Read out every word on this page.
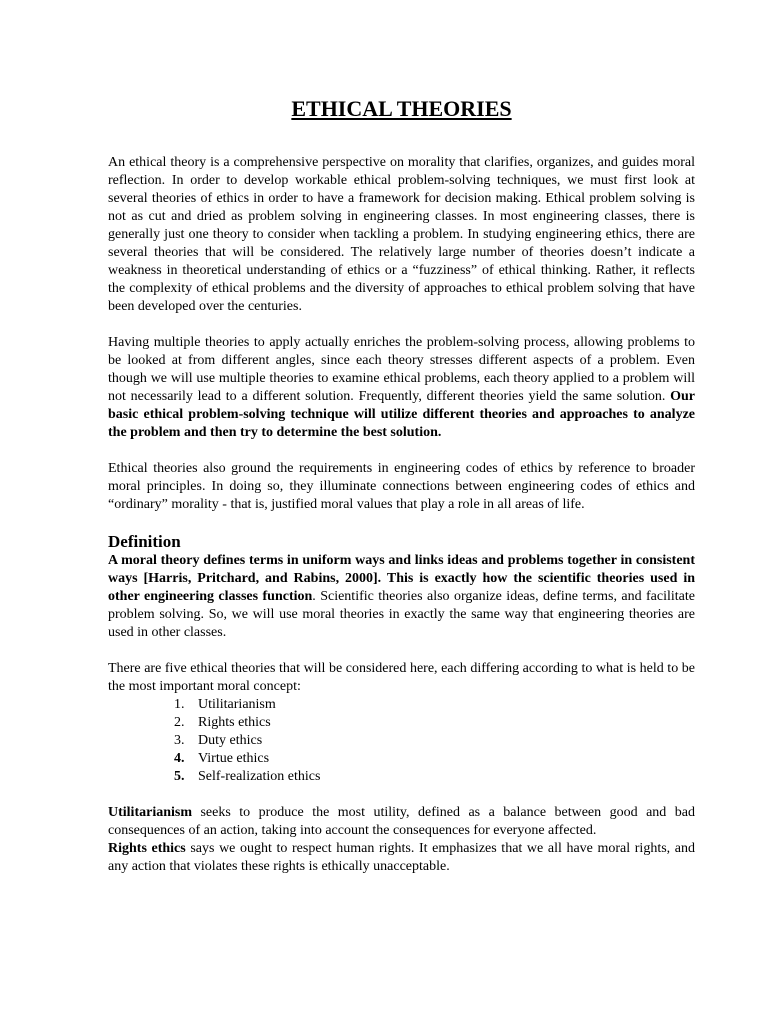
ETHICAL THEORIES

An ethical theory is a comprehensive perspective on morality that clarifies, organizes, and guides moral reflection. In order to develop workable ethical problem-solving techniques, we must first look at several theories of ethics in order to have a framework for decision making. Ethical problem solving is not as cut and dried as problem solving in engineering classes. In most engineering classes, there is generally just one theory to consider when tackling a problem. In studying engineering ethics, there are several theories that will be considered. The relatively large number of theories doesn’t indicate a weakness in theoretical understanding of ethics or a “fuzziness” of ethical thinking. Rather, it reflects the complexity of ethical problems and the diversity of approaches to ethical problem solving that have been developed over the centuries.

Having multiple theories to apply actually enriches the problem-solving process, allowing problems to be looked at from different angles, since each theory stresses different aspects of a problem. Even though we will use multiple theories to examine ethical problems, each theory applied to a problem will not necessarily lead to a different solution. Frequently, different theories yield the same solution. Our basic ethical problem-solving technique will utilize different theories and approaches to analyze the problem and then try to determine the best solution.

Ethical theories also ground the requirements in engineering codes of ethics by reference to broader moral principles. In doing so, they illuminate connections between engineering codes of ethics and “ordinary” morality - that is, justified moral values that play a role in all areas of life.

Definition

A moral theory defines terms in uniform ways and links ideas and problems together in consistent ways [Harris, Pritchard, and Rabins, 2000]. This is exactly how the scientific theories used in other engineering classes function. Scientific theories also organize ideas, define terms, and facilitate problem solving. So, we will use moral theories in exactly the same way that engineering theories are used in other classes.

There are five ethical theories that will be considered here, each differing according to what is held to be the most important moral concept:

1. Utilitarianism
2. Rights ethics
3. Duty ethics
4. Virtue ethics
5. Self-realization ethics

Utilitarianism seeks to produce the most utility, defined as a balance between good and bad consequences of an action, taking into account the consequences for everyone affected.

Rights ethics says we ought to respect human rights. It emphasizes that we all have moral rights, and any action that violates these rights is ethically unacceptable.
